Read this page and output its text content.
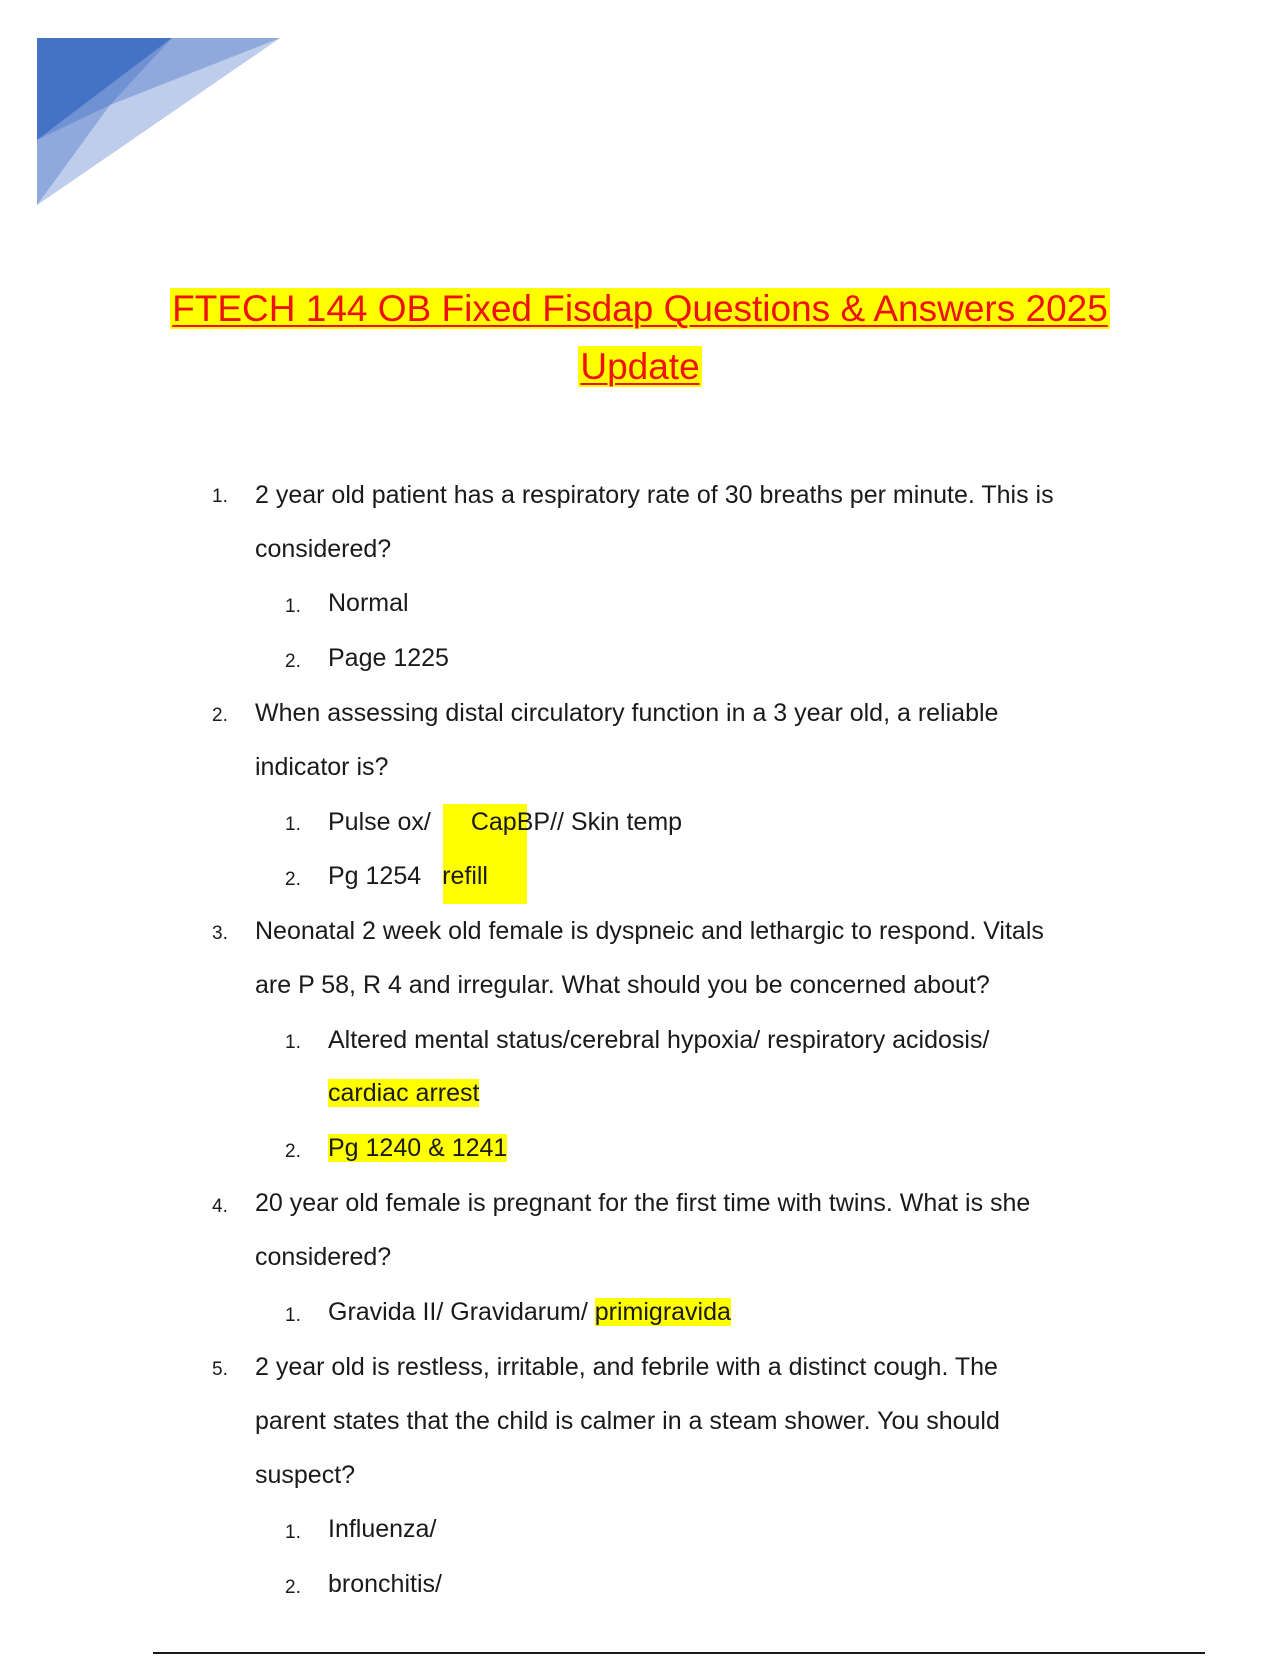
FTECH 144 OB Fixed Fisdap Questions & Answers 2025
Update
1. 2 year old patient has a respiratory rate of 30 breaths per minute. This is
considered?
1. Normal
2. Page 1225
2. When assessing distal circulatory function in a 3 year old, a reliable
indicator is?
1. Pulse ox/ CapBP// Skin temp
2. Pg 1254 refill
3. Neonatal 2 week old female is dyspneic and lethargic to respond. Vitals
are P 58, R 4 and irregular. What should you be concerned about?
1. Altered mental status/cerebral hypoxia/ respiratory acidosis/
cardiac arrest
2. Pg 1240 & 1241
4. 20 year old female is pregnant for the first time with twins. What is she
considered?
1. Gravida II/ Gravidarum/ primigravida
5. 2 year old is restless, irritable, and febrile with a distinct cough. The
parent states that the child is calmer in a steam shower. You should
suspect?
1. Influenza/
2. bronchitis/
